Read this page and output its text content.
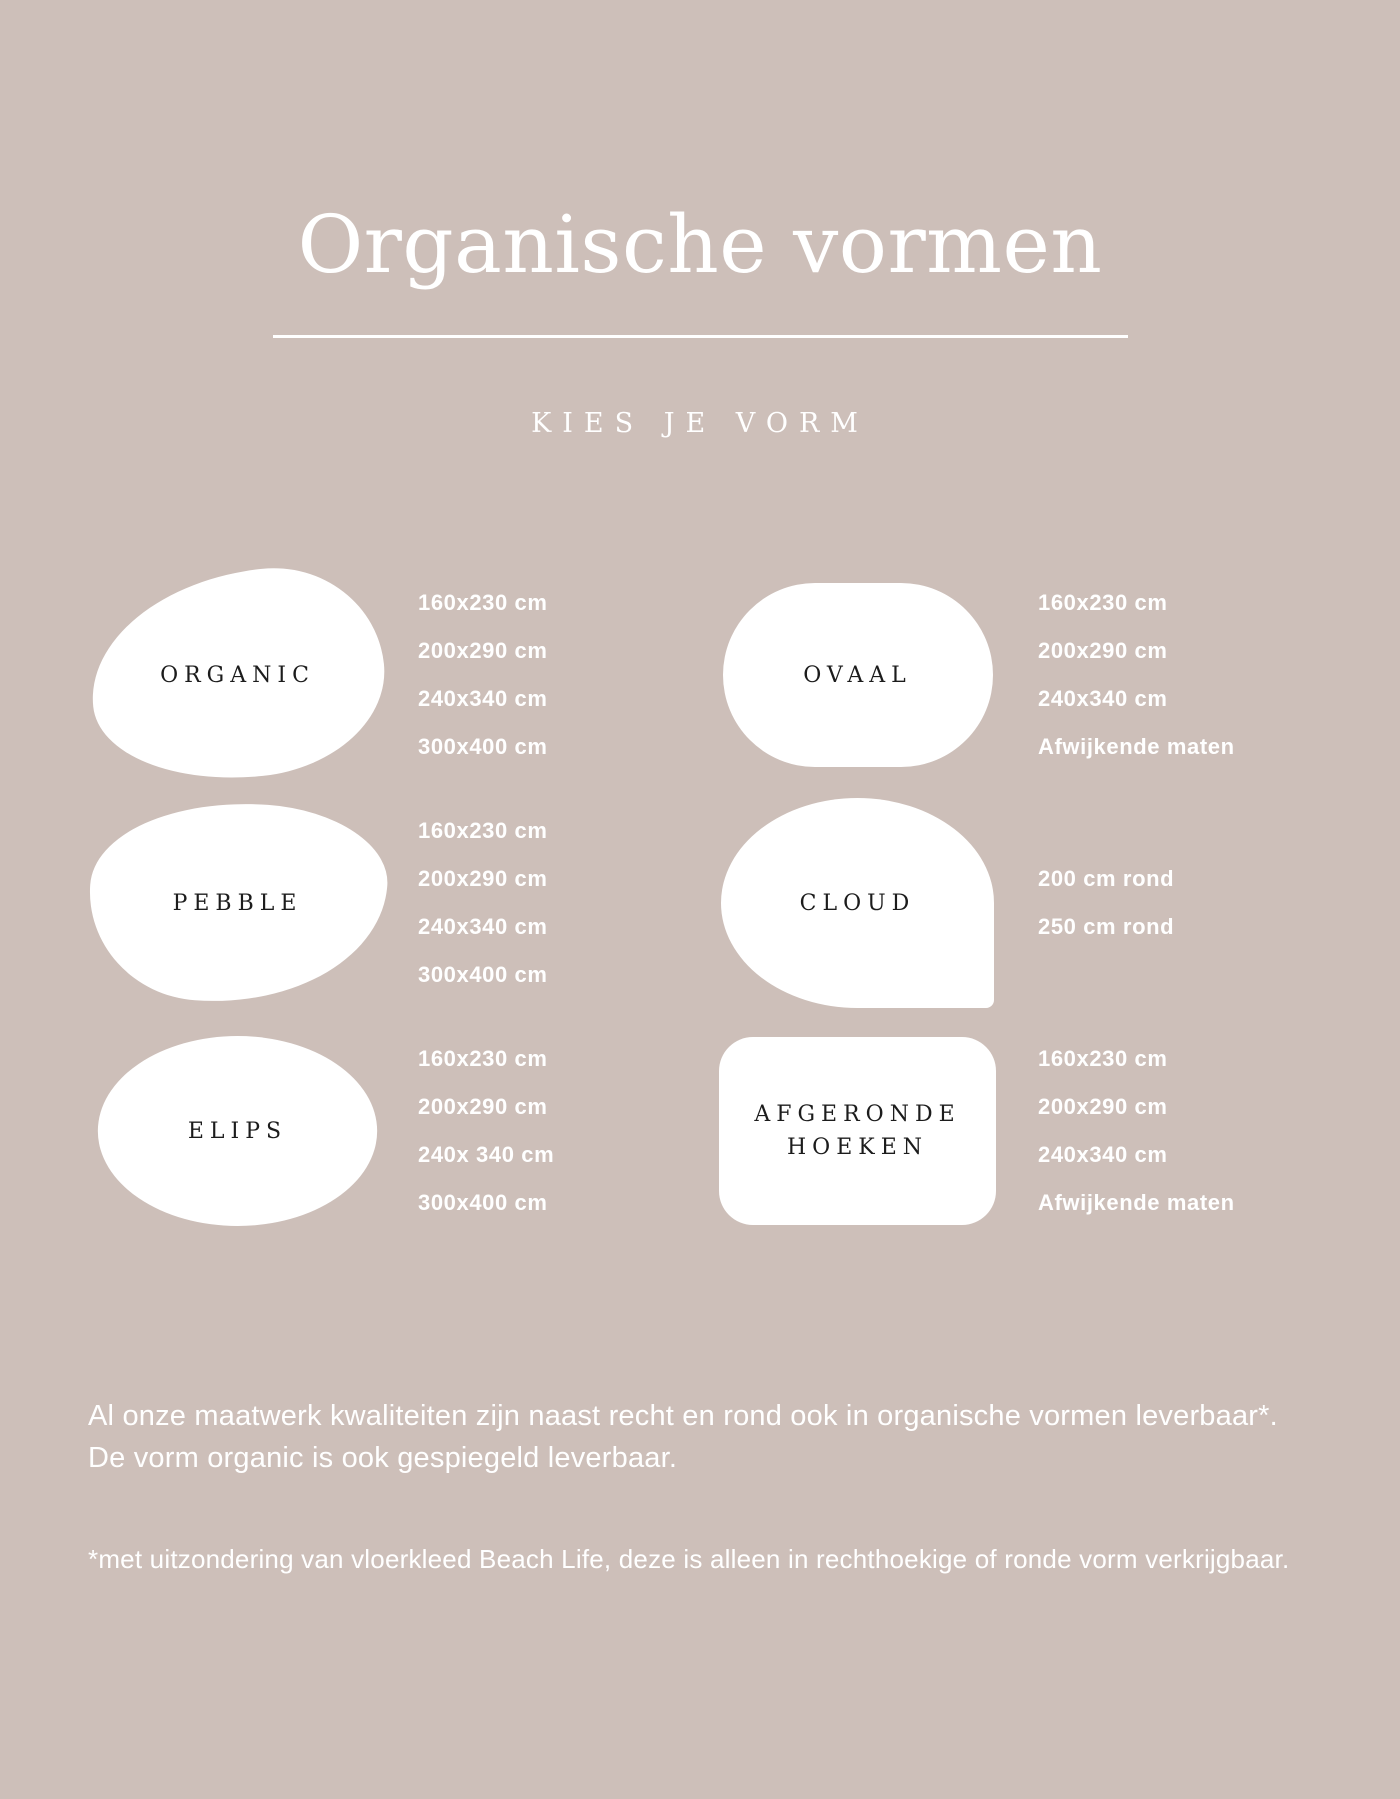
Organische vormen
KIES JE VORM
ORGANIC
160x230 cm
200x290 cm
240x340 cm
300x400 cm
OVAAL
160x230 cm
200x290 cm
240x340 cm
Afwijkende maten
PEBBLE
160x230 cm
200x290 cm
240x340 cm
300x400 cm
CLOUD
200 cm rond
250 cm rond
ELIPS
160x230 cm
200x290 cm
240x 340 cm
300x400 cm
AFGERONDE HOEKEN
160x230 cm
200x290 cm
240x340 cm
Afwijkende maten

Al onze maatwerk kwaliteiten zijn naast recht en rond ook in organische vormen leverbaar*. De vorm organic is ook gespiegeld leverbaar.

*met uitzondering van vloerkleed Beach Life, deze is alleen in rechthoekige of ronde vorm verkrijgbaar.
